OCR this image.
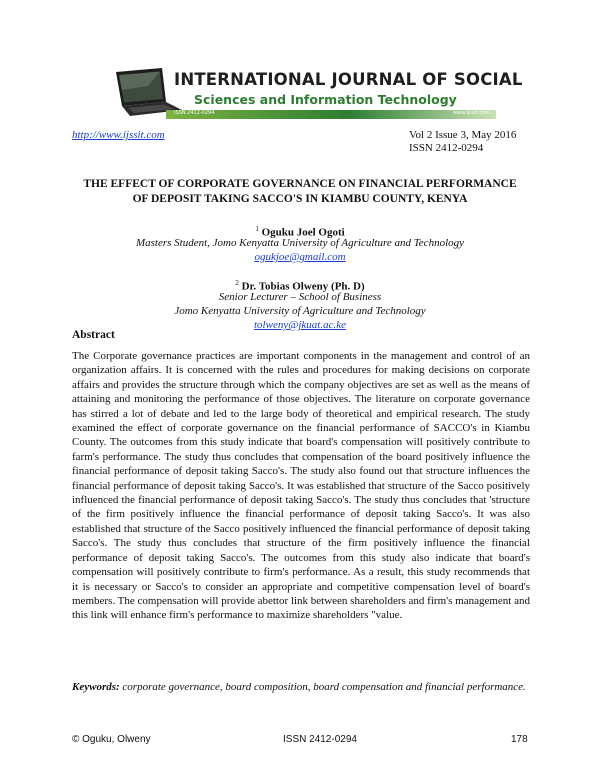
INTERNATIONAL JOURNAL OF SOCIAL
Sciences and Information Technology
ISSN 2412-0294	www.ijssit.com
http://www.ijssit.com	Vol 2 Issue 3, May 2016
ISSN 2412-0294
THE EFFECT OF CORPORATE GOVERNANCE ON FINANCIAL PERFORMANCE
OF DEPOSIT TAKING SACCO'S IN KIAMBU COUNTY, KENYA
$^1$ Oguku Joel Ogoti
Masters Student, Jomo Kenyatta University of Agriculture and Technology
ogukjoe@gmail.com
$^2$ Dr. Tobias Olweny (Ph. D)
Senior Lecturer – School of Business
Jomo Kenyatta University of Agriculture and Technology
tolweny@jkuat.ac.ke
Abstract
The Corporate governance practices are important components in the management and control of an organization affairs. It is concerned with the rules and procedures for making decisions on corporate affairs and provides the structure through which the company objectives are set as well as the means of attaining and monitoring the performance of those objectives. The literature on corporate governance has stirred a lot of debate and led to the large body of theoretical and empirical research. The study examined the effect of corporate governance on the financial performance of SACCO's in Kiambu County. The outcomes from this study indicate that board's compensation will positively contribute to farm's performance. The study thus concludes that compensation of the board positively influence the financial performance of deposit taking Sacco's. The study also found out that structure influences the financial performance of deposit taking Sacco's. It was established that structure of the Sacco positively influenced the financial performance of deposit taking Sacco's. The study thus concludes that 'structure of the firm positively influence the financial performance of deposit taking Sacco's. It was also established that structure of the Sacco positively influenced the financial performance of deposit taking Sacco's. The study thus concludes that structure of the firm positively influence the financial performance of deposit taking Sacco's. The outcomes from this study also indicate that board's compensation will positively contribute to firm's performance. As a result, this study recommends that it is necessary or Sacco's to consider an appropriate and competitive compensation level of board's members. The compensation will provide abettor link between shareholders and firm's management and this link will enhance firm's performance to maximize shareholders "value.
Keywords: corporate governance, board composition, board compensation and financial performance.
© Oguku, Olweny	ISSN 2412-0294	178
